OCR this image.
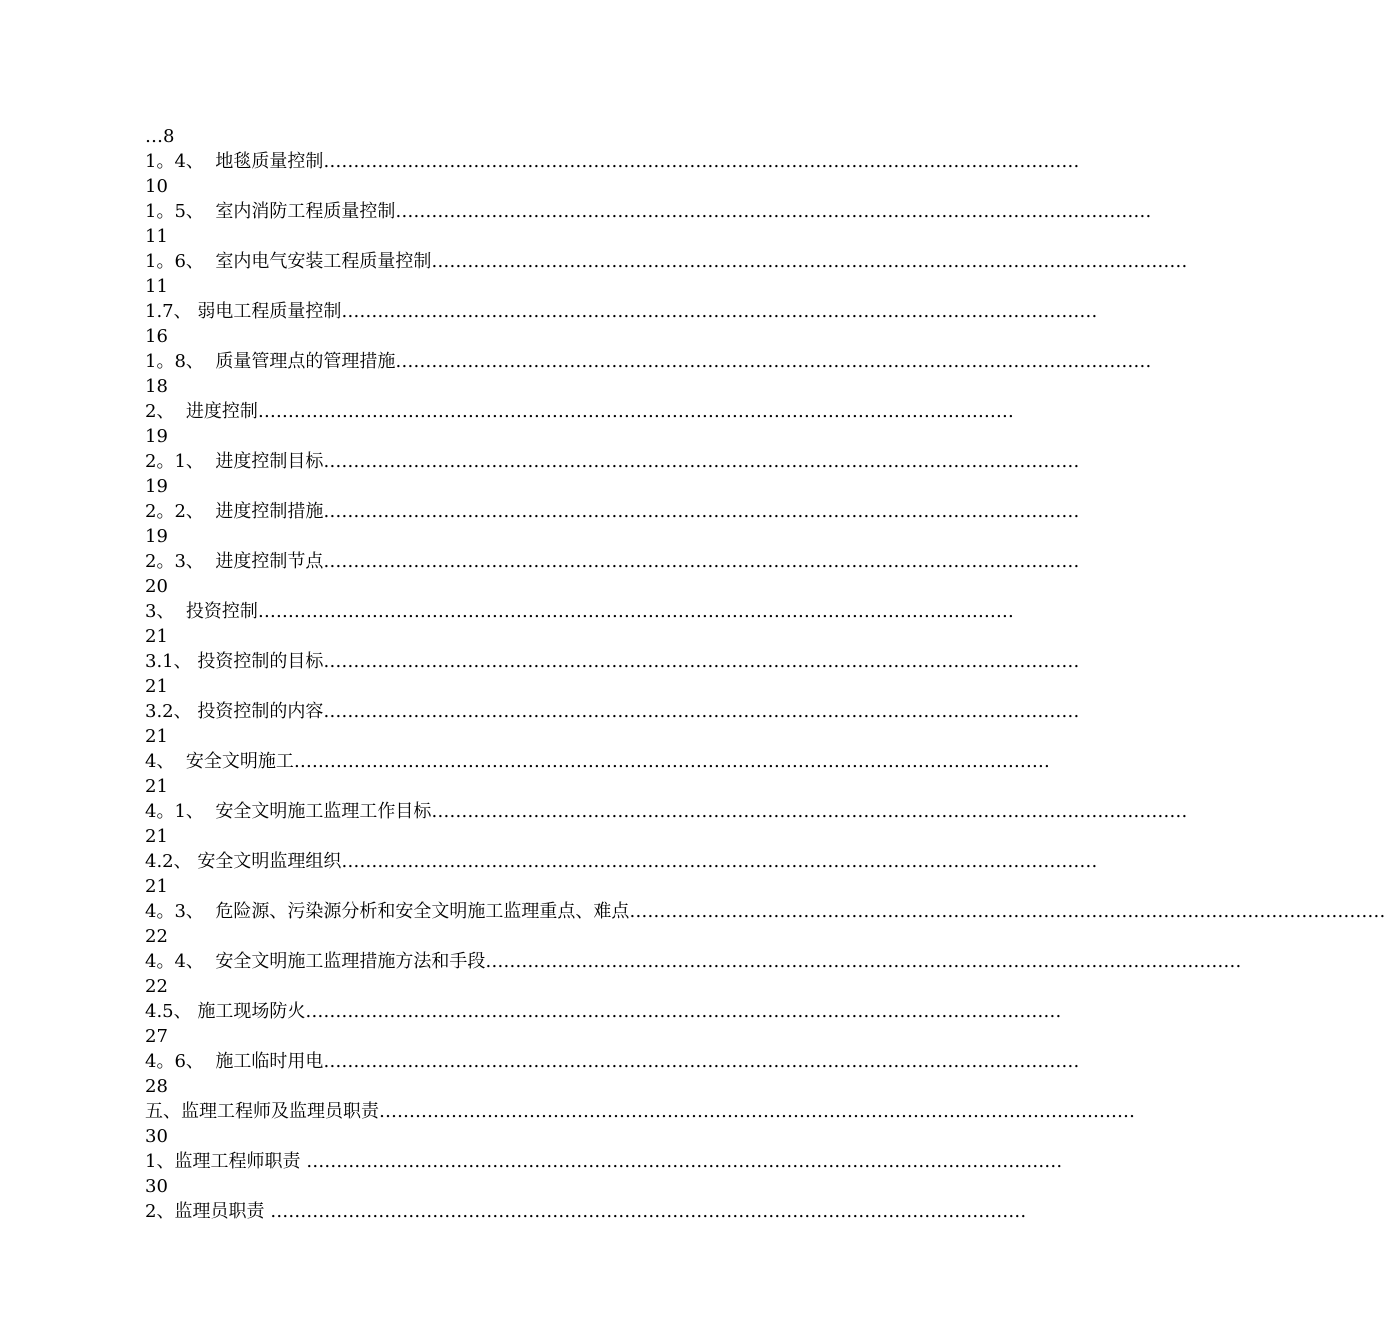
…8
1。4、  地毯质量控制 ………………………………………………………………………………………………………………
10
1。5、  室内消防工程质量控制 ………………………………………………………………………………………………………………
11
1。6、  室内电气安装工程质量控制 ………………………………………………………………………………………………………………
11
1.7、 弱电工程质量控制 ………………………………………………………………………………………………………………
16
1。8、  质量管理点的管理措施 ………………………………………………………………………………………………………………
18
2、  进度控制 ………………………………………………………………………………………………………………
19
2。1、  进度控制目标 ………………………………………………………………………………………………………………
19
2。2、  进度控制措施 ………………………………………………………………………………………………………………
19
2。3、  进度控制节点 ………………………………………………………………………………………………………………
20
3、  投资控制 ………………………………………………………………………………………………………………
21
3.1、 投资控制的目标 ………………………………………………………………………………………………………………
21
3.2、 投资控制的内容 ………………………………………………………………………………………………………………
21
4、  安全文明施工 ………………………………………………………………………………………………………………
21
4。1、  安全文明施工监理工作目标 ………………………………………………………………………………………………………………
21
4.2、 安全文明监理组织 ………………………………………………………………………………………………………………
21
4。3、  危险源、污染源分析和安全文明施工监理重点、难点 ………………………………………………………………………………………………………………
22
4。4、  安全文明施工监理措施方法和手段 ………………………………………………………………………………………………………………
22
4.5、 施工现场防火 ………………………………………………………………………………………………………………
27
4。6、  施工临时用电 ………………………………………………………………………………………………………………
28
五、监理工程师及监理员职责 ………………………………………………………………………………………………………………
30
1、监理工程师职责 ………………………………………………………………………………………………………………
30
2、监理员职责 ………………………………………………………………………………………………………………
